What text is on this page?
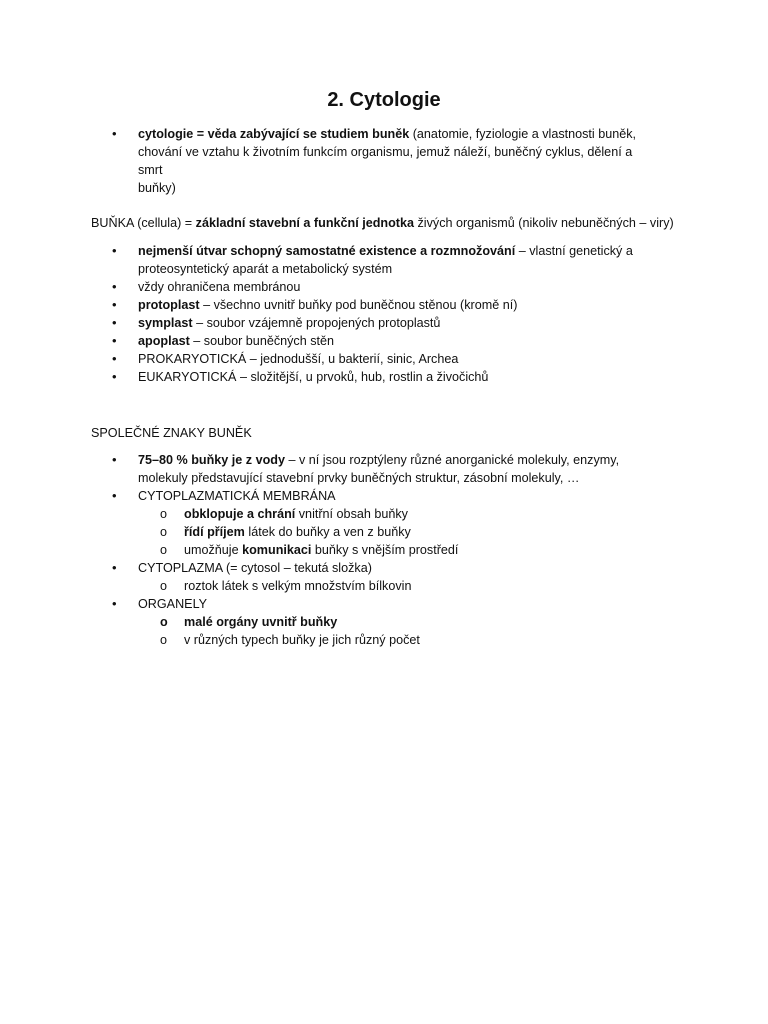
2. Cytologie
• cytologie = věda zabývající se studiem buněk (anatomie, fyziologie a vlastnosti buněk,
chování ve vztahu k životním funkcím organismu, jemuž náleží, buněčný cyklus, dělení a smrt
buňky)

BUŇKA (cellula) = základní stavební a funkční jednotka živých organismů (nikoliv nebuněčných – viry)

• nejmenší útvar schopný samostatné existence a rozmnožování – vlastní genetický a
proteosyntetický aparát a metabolický systém
• vždy ohraničena membránou
• protoplast – všechno uvnitř buňky pod buněčnou stěnou (kromě ní)
• symplast – soubor vzájemně propojených protoplastů
• apoplast – soubor buněčných stěn
• PROKARYOTICKÁ – jednodušší, u bakterií, sinic, Archea
• EUKARYOTICKÁ – složitější, u prvoků, hub, rostlin a živočichů

SPOLEČNÉ ZNAKY BUNĚK

• 75–80 % buňky je z vody – v ní jsou rozptýleny různé anorganické molekuly, enzymy,
molekuly představující stavební prvky buněčných struktur, zásobní molekuly, …
• CYTOPLAZMATICKÁ MEMBRÁNA
o obklopuje a chrání vnitřní obsah buňky
o řídí příjem látek do buňky a ven z buňky
o umožňuje komunikaci buňky s vnějším prostředí
• CYTOPLAZMA (= cytosol – tekutá složka)
o roztok látek s velkým množstvím bílkovin
• ORGANELY
o malé orgány uvnitř buňky
o v různých typech buňky je jich různý počet
